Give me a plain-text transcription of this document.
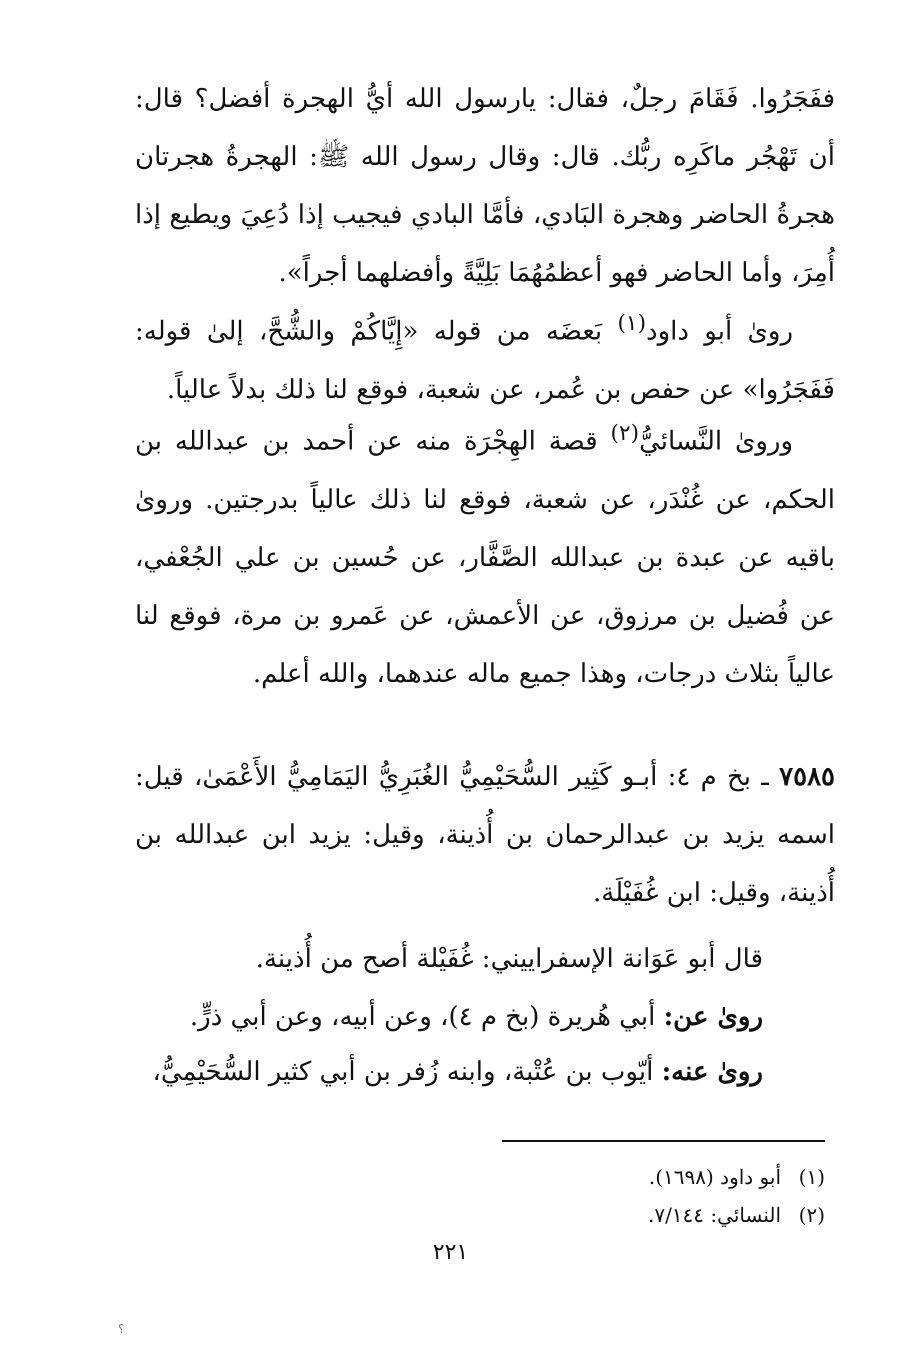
ففَجَرُوا. فَقَامَ رجلٌ، فقال: يارسول الله أيُّ الهجرة أفضل؟ قال: أن تَهْجُر ماكَرِه ربُّك. قال: وقال رسول الله ﷺ: الهجرةُ هجرتان هجرةُ الحاضر وهجرة البَادي، فأمَّا البادي فيجيب إذا دُعِيَ ويطيع إذا أُمِرَ، وأما الحاضر فهو أعظمُهُمَا بَلِيَّةً وأفضلهما أجراً».

روىٰ أبو داود$^{(١)}$ بَعضَه من قوله «إِيَّاكُمْ والشُّحَّ، إلىٰ قوله: فَفَجَرُوا» عن حفص بن عُمر، عن شعبة، فوقع لنا ذلك بدلاً عالياً.

وروىٰ النَّسائيُّ$^{(٢)}$ قصة الهِجْرَة منه عن أحمد بن عبدالله بن الحكم، عن غُنْدَر، عن شعبة، فوقع لنا ذلك عالياً بدرجتين. وروىٰ باقيه عن عبدة بن عبدالله الصَّفَّار، عن حُسين بن علي الجُعْفي، عن فُضيل بن مرزوق، عن الأعمش، عن عَمرو بن مرة، فوقع لنا عالياً بثلاث درجات، وهذا جميع ماله عندهما، والله أعلم.

٧٥٨٥ ـ بخ م ٤: أبـو كَثِير السُّحَيْمِيُّ الغُبَرِيُّ اليَمَامِيُّ الأَعْمَىٰ، قيل: اسمه يزيد بن عبدالرحمان بن أُذينة، وقيل: يزيد ابن عبدالله بن أُذينة، وقيل: ابن غُفَيْلَة.

قال أبو عَوَانة الإسفراييني: غُفَيْلة أصح من أُذينة.

روىٰ عن: أبي هُريرة (بخ م ٤)، وعن أبيه، وعن أبي ذرٍّ.

روىٰ عنه: أيّوب بن عُتْبة، وابنه زُفر بن أبي كثير السُّحَيْمِيُّ،

(١)أبو داود (١٦٩٨).
(٢)النسائي: ٧/١٤٤.
٢٢١
؟
